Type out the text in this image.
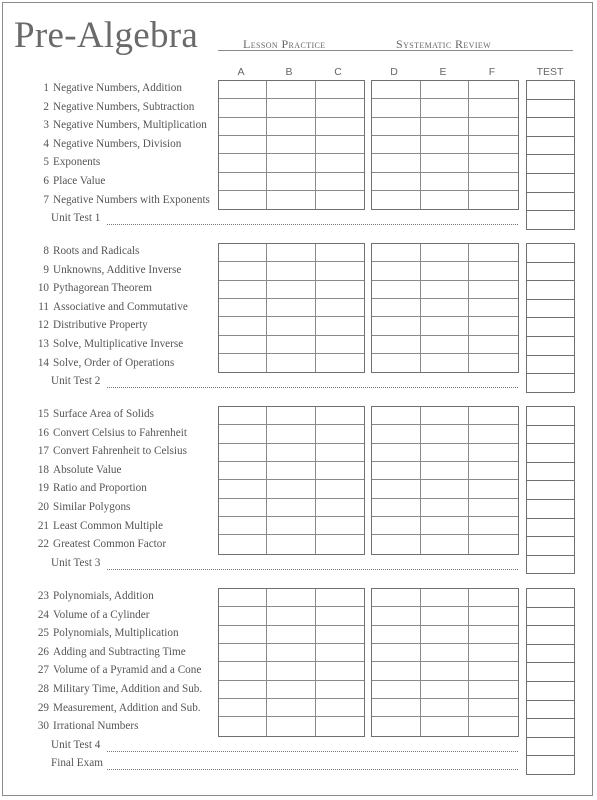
Pre-Algebra	Lesson Practice	Systematic Review
A	B	C	D	E	F	TEST
1 Negative Numbers, Addition
2 Negative Numbers, Subtraction
3 Negative Numbers, Multiplication
4 Negative Numbers, Division
5 Exponents
6 Place Value
7 Negative Numbers with Exponents
Unit Test 1
8 Roots and Radicals
9 Unknowns, Additive Inverse
10 Pythagorean Theorem
11 Associative and Commutative
12 Distributive Property
13 Solve, Multiplicative Inverse
14 Solve, Order of Operations
Unit Test 2
15 Surface Area of Solids
16 Convert Celsius to Fahrenheit
17 Convert Fahrenheit to Celsius
18 Absolute Value
19 Ratio and Proportion
20 Similar Polygons
21 Least Common Multiple
22 Greatest Common Factor
Unit Test 3
23 Polynomials, Addition
24 Volume of a Cylinder
25 Polynomials, Multiplication
26 Adding and Subtracting Time
27 Volume of a Pyramid and a Cone
28 Military Time, Addition and Sub.
29 Measurement, Addition and Sub.
30 Irrational Numbers
Unit Test 4
Final Exam
